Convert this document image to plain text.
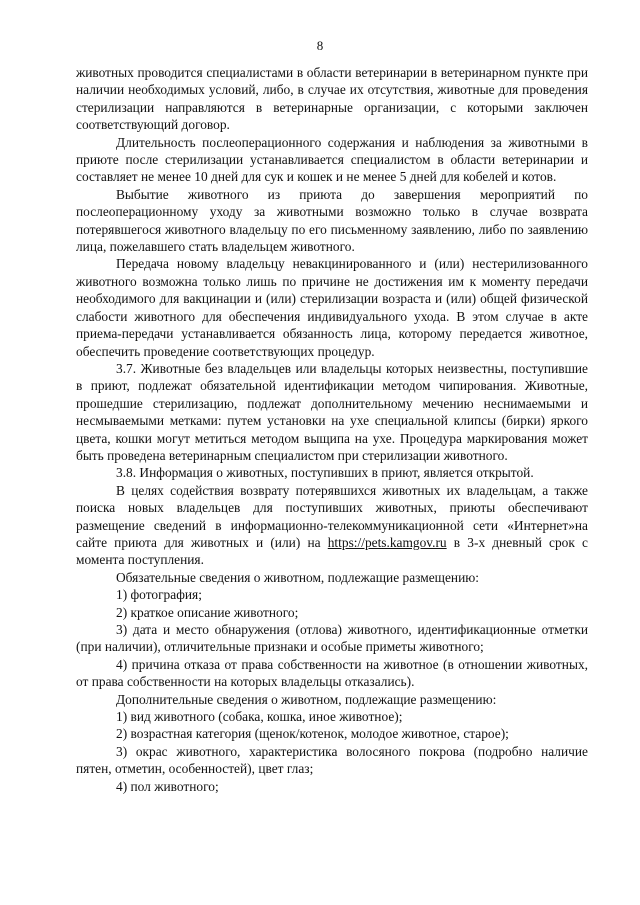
8

животных проводится специалистами в области ветеринарии в ветеринарном пункте при наличии необходимых условий, либо, в случае их отсутствия, животные для проведения стерилизации направляются в ветеринарные организации, с которыми заключен соответствующий договор.

Длительность послеоперационного содержания и наблюдения за животными в приюте после стерилизации устанавливается специалистом в области ветеринарии и составляет не менее 10 дней для сук и кошек и не менее 5 дней для кобелей и котов.

Выбытие животного из приюта до завершения мероприятий по послеоперационному уходу за животными возможно только в случае возврата потерявшегося животного владельцу по его письменному заявлению, либо по заявлению лица, пожелавшего стать владельцем животного.

Передача новому владельцу невакцинированного и (или) нестерилизованного животного возможна только лишь по причине не достижения им к моменту передачи необходимого для вакцинации и (или) стерилизации возраста и (или) общей физической слабости животного для обеспечения индивидуального ухода. В этом случае в акте приема-передачи устанавливается обязанность лица, которому передается животное, обеспечить проведение соответствующих процедур.

3.7. Животные без владельцев или владельцы которых неизвестны, поступившие в приют, подлежат обязательной идентификации методом чипирования. Животные, прошедшие стерилизацию, подлежат дополнительному мечению неснимаемыми и несмываемыми метками: путем установки на ухе специальной клипсы (бирки) яркого цвета, кошки могут метиться методом выщипа на ухе. Процедура маркирования может быть проведена ветеринарным специалистом при стерилизации животного.

3.8. Информация о животных, поступивших в приют, является открытой.

В целях содействия возврату потерявшихся животных их владельцам, а также поиска новых владельцев для поступивших животных, приюты обеспечивают размещение сведений в информационно-телекоммуникационной сети «Интернет»на сайте приюта для животных и (или) на https://pets.kamgov.ru в 3-х дневный срок с момента поступления.

Обязательные сведения о животном, подлежащие размещению:

1) фотография;

2) краткое описание животного;

3) дата и место обнаружения (отлова) животного, идентификационные отметки (при наличии), отличительные признаки и особые приметы животного;

4) причина отказа от права собственности на животное (в отношении животных, от права собственности на которых владельцы отказались).

Дополнительные сведения о животном, подлежащие размещению:

1) вид животного (собака, кошка, иное животное);

2) возрастная категория (щенок/котенок, молодое животное, старое);

3) окрас животного, характеристика волосяного покрова (подробно наличие пятен, отметин, особенностей), цвет глаз;

4) пол животного;
